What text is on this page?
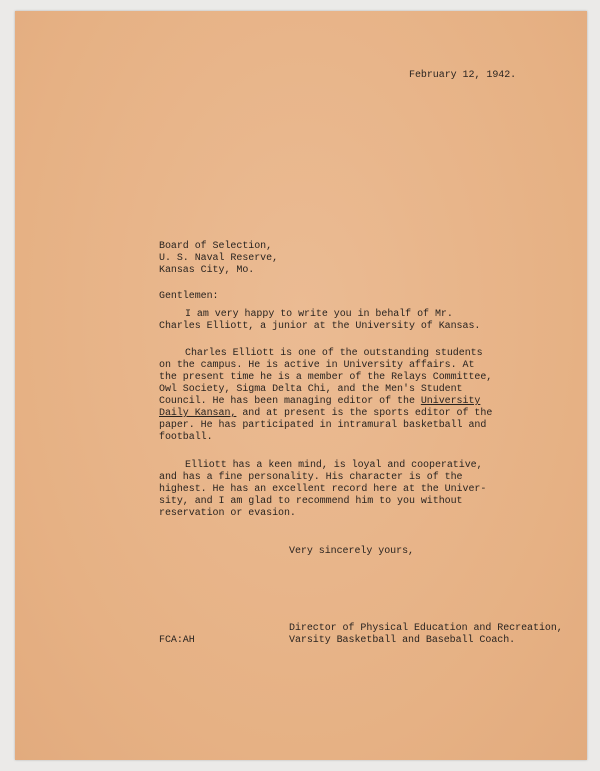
February 12, 1942.
Board of Selection,
U. S. Naval Reserve,
Kansas City, Mo.
Gentlemen:
I am very happy to write you in behalf of Mr.
Charles Elliott, a junior at the University of Kansas.
Charles Elliott is one of the outstanding students
on the campus. He is active in University affairs. At
the present time he is a member of the Relays Committee,
Owl Society, Sigma Delta Chi, and the Men's Student
Council. He has been managing editor of the University
Daily Kansan, and at present is the sports editor of the
paper. He has participated in intramural basketball and
football.
Elliott has a keen mind, is loyal and cooperative,
and has a fine personality. His character is of the
highest. He has an excellent record here at the Univer-
sity, and I am glad to recommend him to you without
reservation or evasion.
Very sincerely yours,
Director of Physical Education and Recreation,
Varsity Basketball and Baseball Coach.
FCA:AH
